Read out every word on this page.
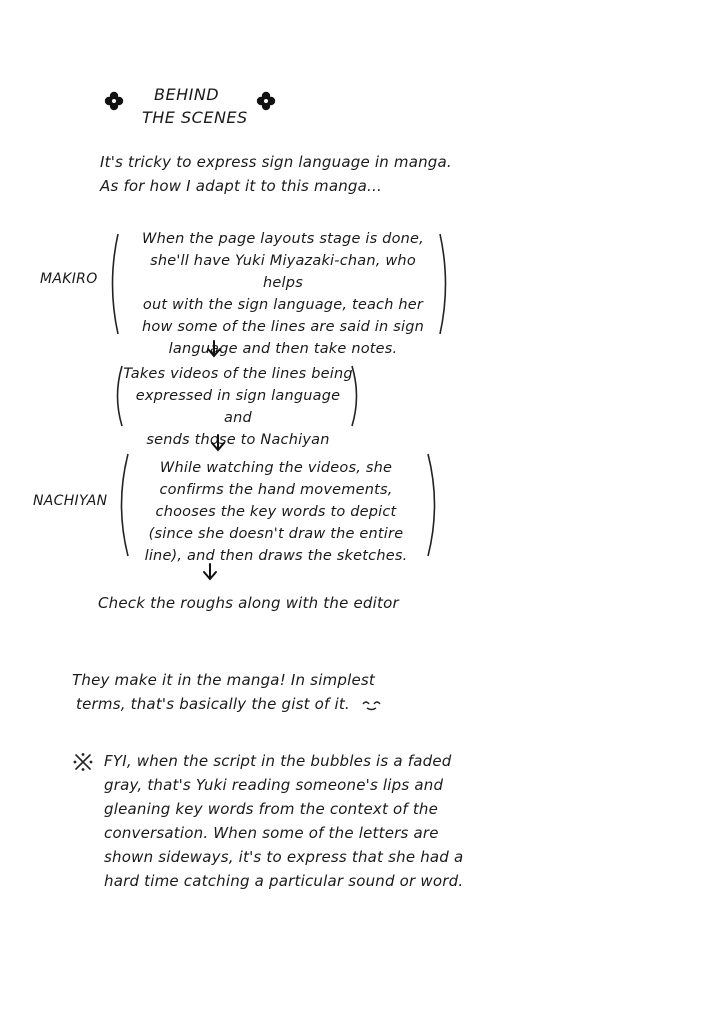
BEHIND
THE SCENES
It's tricky to express sign language in manga.
As for how I adapt it to this manga...
MAKIRO
When the page layouts stage is done,
she'll have Yuki Miyazaki-chan, who helps
out with the sign language, teach her
how some of the lines are said in sign
language and then take notes.
Takes videos of the lines being
expressed in sign language and
sends those to Nachiyan
NACHIYAN
While watching the videos, she
confirms the hand movements,
chooses the key words to depict
(since she doesn't draw the entire
line), and then draws the sketches.
Check the roughs along with the editor
They make it in the manga! In simplest
terms, that's basically the gist of it.
FYI, when the script in the bubbles is a faded
gray, that's Yuki reading someone's lips and
gleaning key words from the context of the
conversation. When some of the letters are
shown sideways, it's to express that she had a
hard time catching a particular sound or word.
